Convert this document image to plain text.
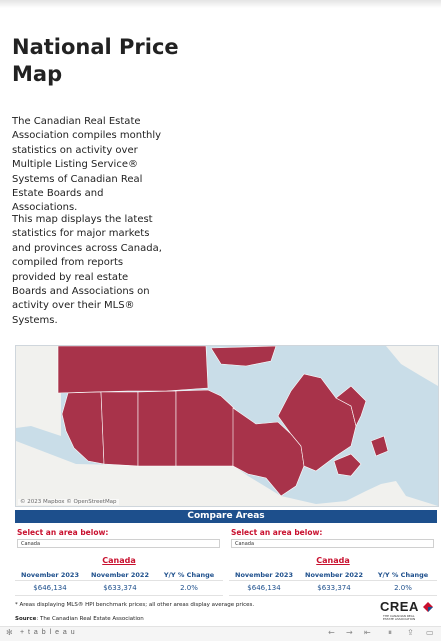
National Price Map

The Canadian Real Estate Association compiles monthly statistics on activity over Multiple Listing Service® Systems of Canadian Real Estate Boards and Associations.

This map displays the latest statistics for major markets and provinces across Canada, compiled from reports provided by real estate Boards and Associations on activity over their MLS® Systems.

© 2023 Mapbox © OpenStreetMap
Compare Areas
Select an area below:
Canada
Canada
November 2023	November 2022	Y/Y % Change
$646,134	$633,374	2.0%
Select an area below:
Canada
Canada
November 2023	November 2022	Y/Y % Change
$646,134	$633,374	2.0%
* Areas displaying MLS® HPI benchmark prices; all other areas display average prices.
Source: The Canadian Real Estate Association
CREA
THE CANADIAN REAL ESTATE ASSOCIATION
✻ + t a b l e a u	← → ⇤ ⏸ ⇪ ▭
